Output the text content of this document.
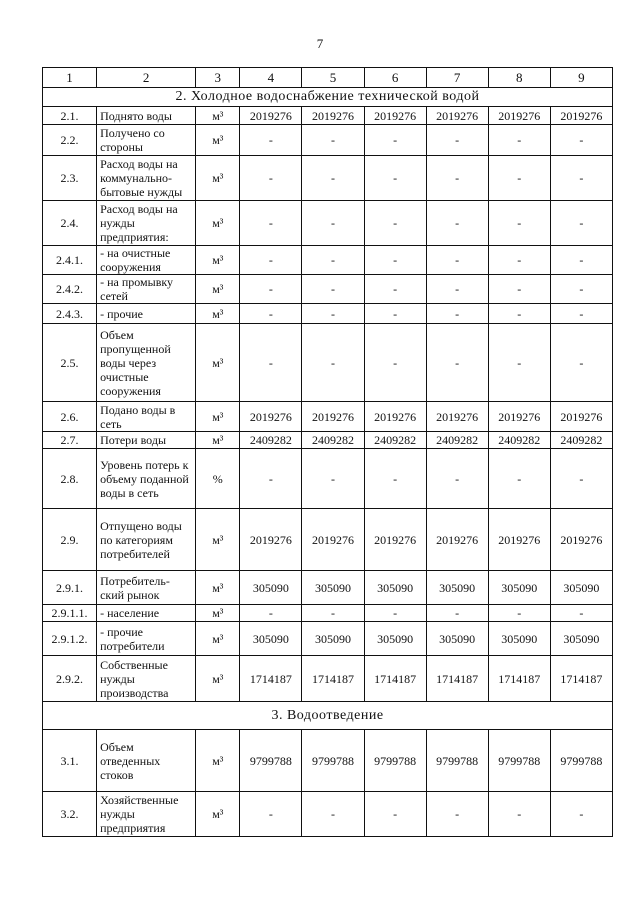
7
1	2	3	4	5	6	7	8	9
2. Холодное водоснабжение технической водой								
2.1.	Поднято воды	м³	2019276	2019276	2019276	2019276	2019276	2019276
2.2.	Получено со стороны	м³	-	-	-	-	-	-
2.3.	Расход воды на коммунально-бытовые нужды	м³	-	-	-	-	-	-
2.4.	Расход воды на нужды предприятия:	м³	-	-	-	-	-	-
2.4.1.	- на очистные сооружения	м³	-	-	-	-	-	-
2.4.2.	- на промывку сетей	м³	-	-	-	-	-	-
2.4.3.	- прочие	м³	-	-	-	-	-	-
2.5.	Объем пропущенной воды через очистные сооружения	м³	-	-	-	-	-	-
2.6.	Подано воды в сеть	м³	2019276	2019276	2019276	2019276	2019276	2019276
2.7.	Потери воды	м³	2409282	2409282	2409282	2409282	2409282	2409282
2.8.	Уровень потерь к объему поданной воды в сеть	%	-	-	-	-	-	-
2.9.	Отпущено воды по категориям потребителей	м³	2019276	2019276	2019276	2019276	2019276	2019276
2.9.1.	Потребитель-ский рынок	м³	305090	305090	305090	305090	305090	305090
2.9.1.1.	- население	м³	-	-	-	-	-	-
2.9.1.2.	- прочие потребители	м³	305090	305090	305090	305090	305090	305090
2.9.2.	Собственные нужды производства	м³	1714187	1714187	1714187	1714187	1714187	1714187
3. Водоотведение								
3.1.	Объем отведенных стоков	м³	9799788	9799788	9799788	9799788	9799788	9799788
3.2.	Хозяйственные нужды предприятия	м³	-	-	-	-	-	-
